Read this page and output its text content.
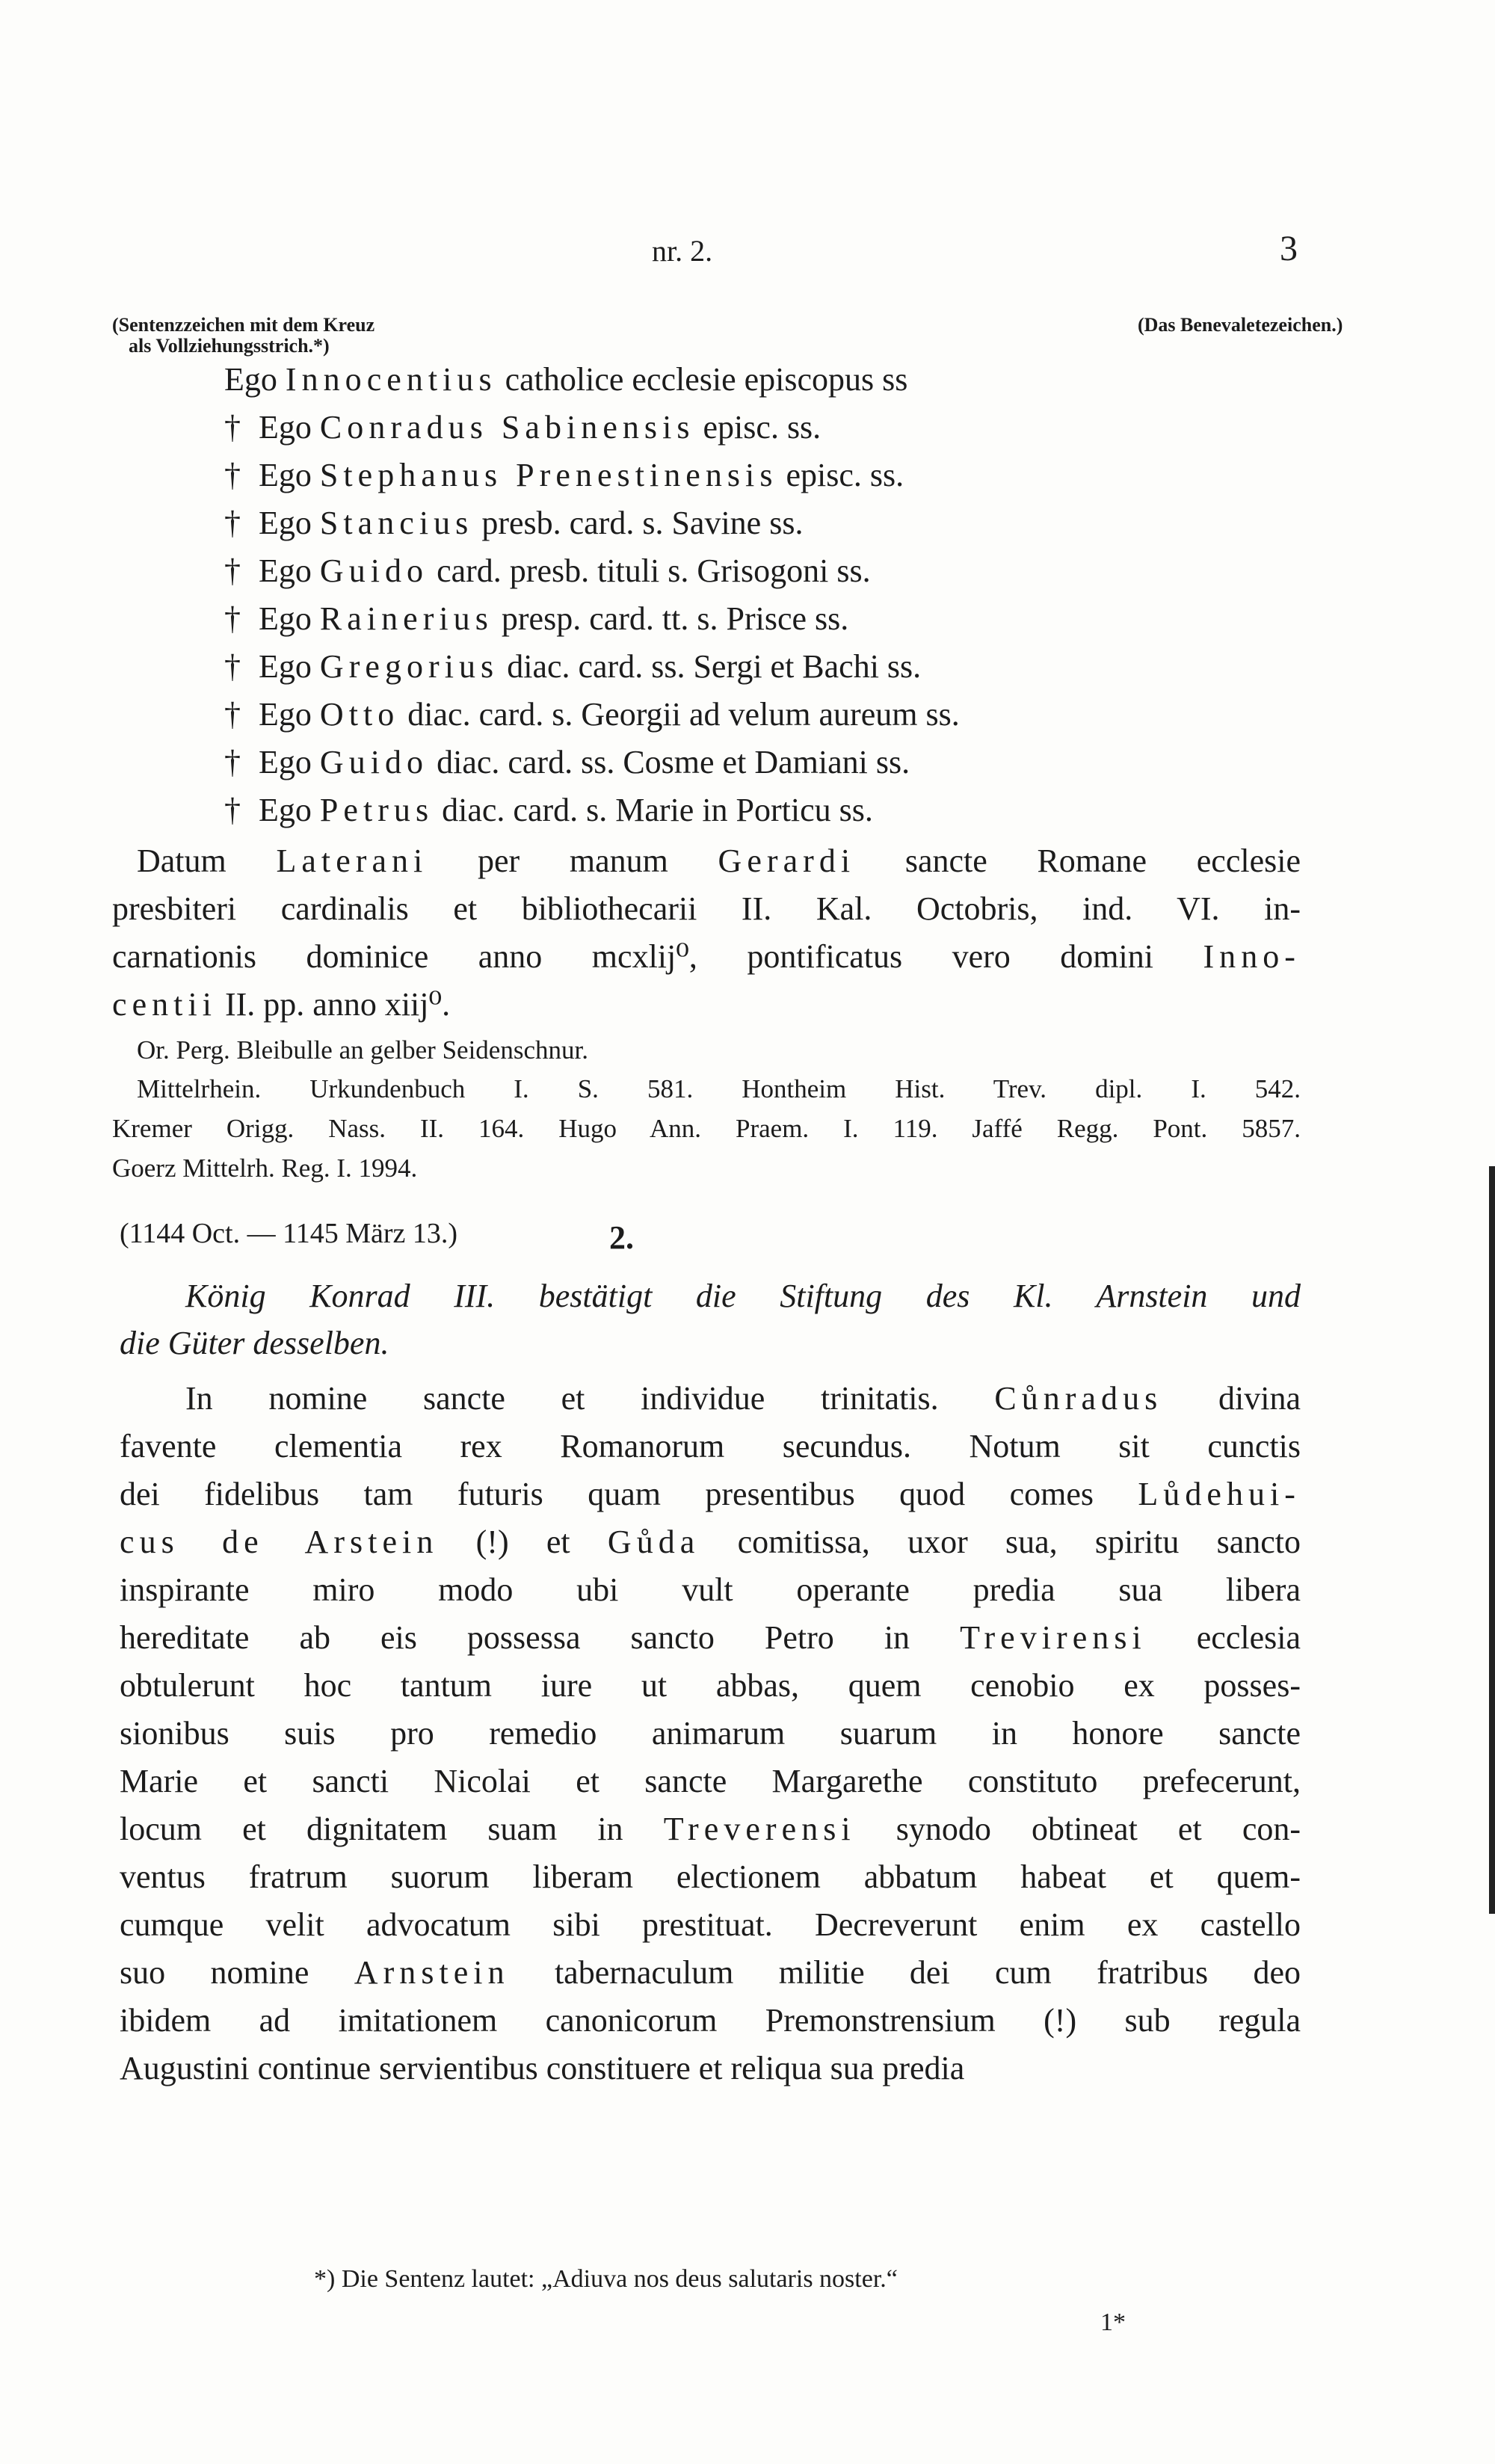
nr. 2.	3
(Sentenzzeichen mit dem Kreuz
als Vollziehungsstrich.*)
(Das Benevaletezeichen.)
Ego Innocentius catholice ecclesie episcopus ss
† Ego Conradus Sabinensis episc. ss.
† Ego Stephanus Prenestinensis episc. ss.
† Ego Stancius presb. card. s. Savine ss.
† Ego Guido card. presb. tituli s. Grisogoni ss.
† Ego Rainerius presp. card. tt. s. Prisce ss.
† Ego Gregorius diac. card. ss. Sergi et Bachi ss.
† Ego Otto diac. card. s. Georgii ad velum aureum ss.
† Ego Guido diac. card. ss. Cosme et Damiani ss.
† Ego Petrus diac. card. s. Marie in Porticu ss.
Datum Laterani per manum Gerardi sancte Romane ecclesie
presbiteri cardinalis et bibliothecarii II. Kal. Octobris, ind. VI. in-
carnationis dominice anno mcxlij⁰, pontificatus vero domini Inno-
centii II. pp. anno xiij⁰.
Or. Perg. Bleibulle an gelber Seidenschnur.
Mittelrhein. Urkundenbuch I. S. 581. Hontheim Hist. Trev. dipl. I. 542.
Kremer Origg. Nass. II. 164. Hugo Ann. Praem. I. 119. Jaffé Regg. Pont. 5857.
Goerz Mittelrh. Reg. I. 1994.
König Konrad III. bestätigt die Stiftung des Kl. Arnstein und
die Güter desselben.
In nomine sancte et individue trinitatis. Cůnradus divina
favente clementia rex Romanorum secundus. Notum sit cunctis
dei fidelibus tam futuris quam presentibus quod comes Lůdehui-
cus de Arstein (!) et Gůda comitissa, uxor sua, spiritu sancto
inspirante miro modo ubi vult operante predia sua libera
hereditate ab eis possessa sancto Petro in Trevirensi ecclesia
obtulerunt hoc tantum iure ut abbas, quem cenobio ex posses-
sionibus suis pro remedio animarum suarum in honore sancte
Marie et sancti Nicolai et sancte Margarethe constituto prefecerunt,
locum et dignitatem suam in Treverensi synodo obtineat et con-
ventus fratrum suorum liberam electionem abbatum habeat et quem-
cumque velit advocatum sibi prestituat. Decreverunt enim ex castello
suo nomine Arnstein tabernaculum militie dei cum fratribus deo
ibidem ad imitationem canonicorum Premonstrensium (!) sub regula
Augustini continue servientibus constituere et reliqua sua predia
(1144 Oct. — 1145 März 13.)	2.
*) Die Sentenz lautet: „Adiuva nos deus salutaris noster.“
1*
